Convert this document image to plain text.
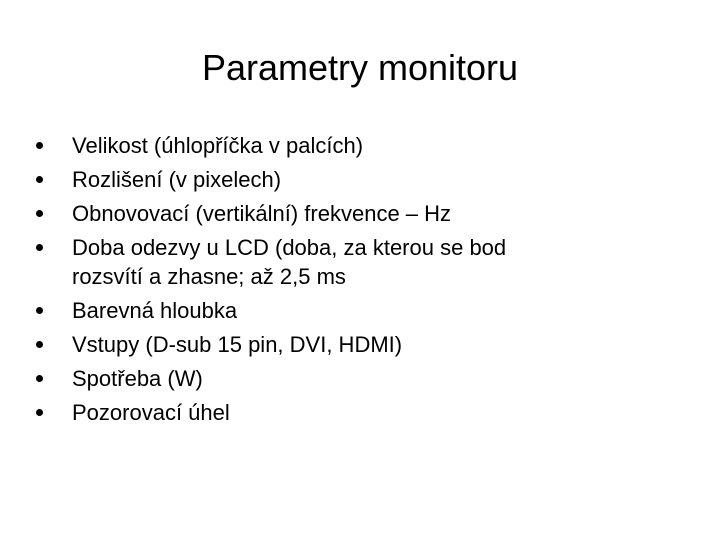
Parametry monitoru
Velikost (úhlopříčka v palcích)
Rozlišení (v pixelech)
Obnovovací (vertikální) frekvence – Hz
Doba odezvy u LCD (doba, za kterou se bod
rozsvítí a zhasne; až 2,5 ms
Barevná hloubka
Vstupy (D-sub 15 pin, DVI, HDMI)
Spotřeba (W)
Pozorovací úhel
